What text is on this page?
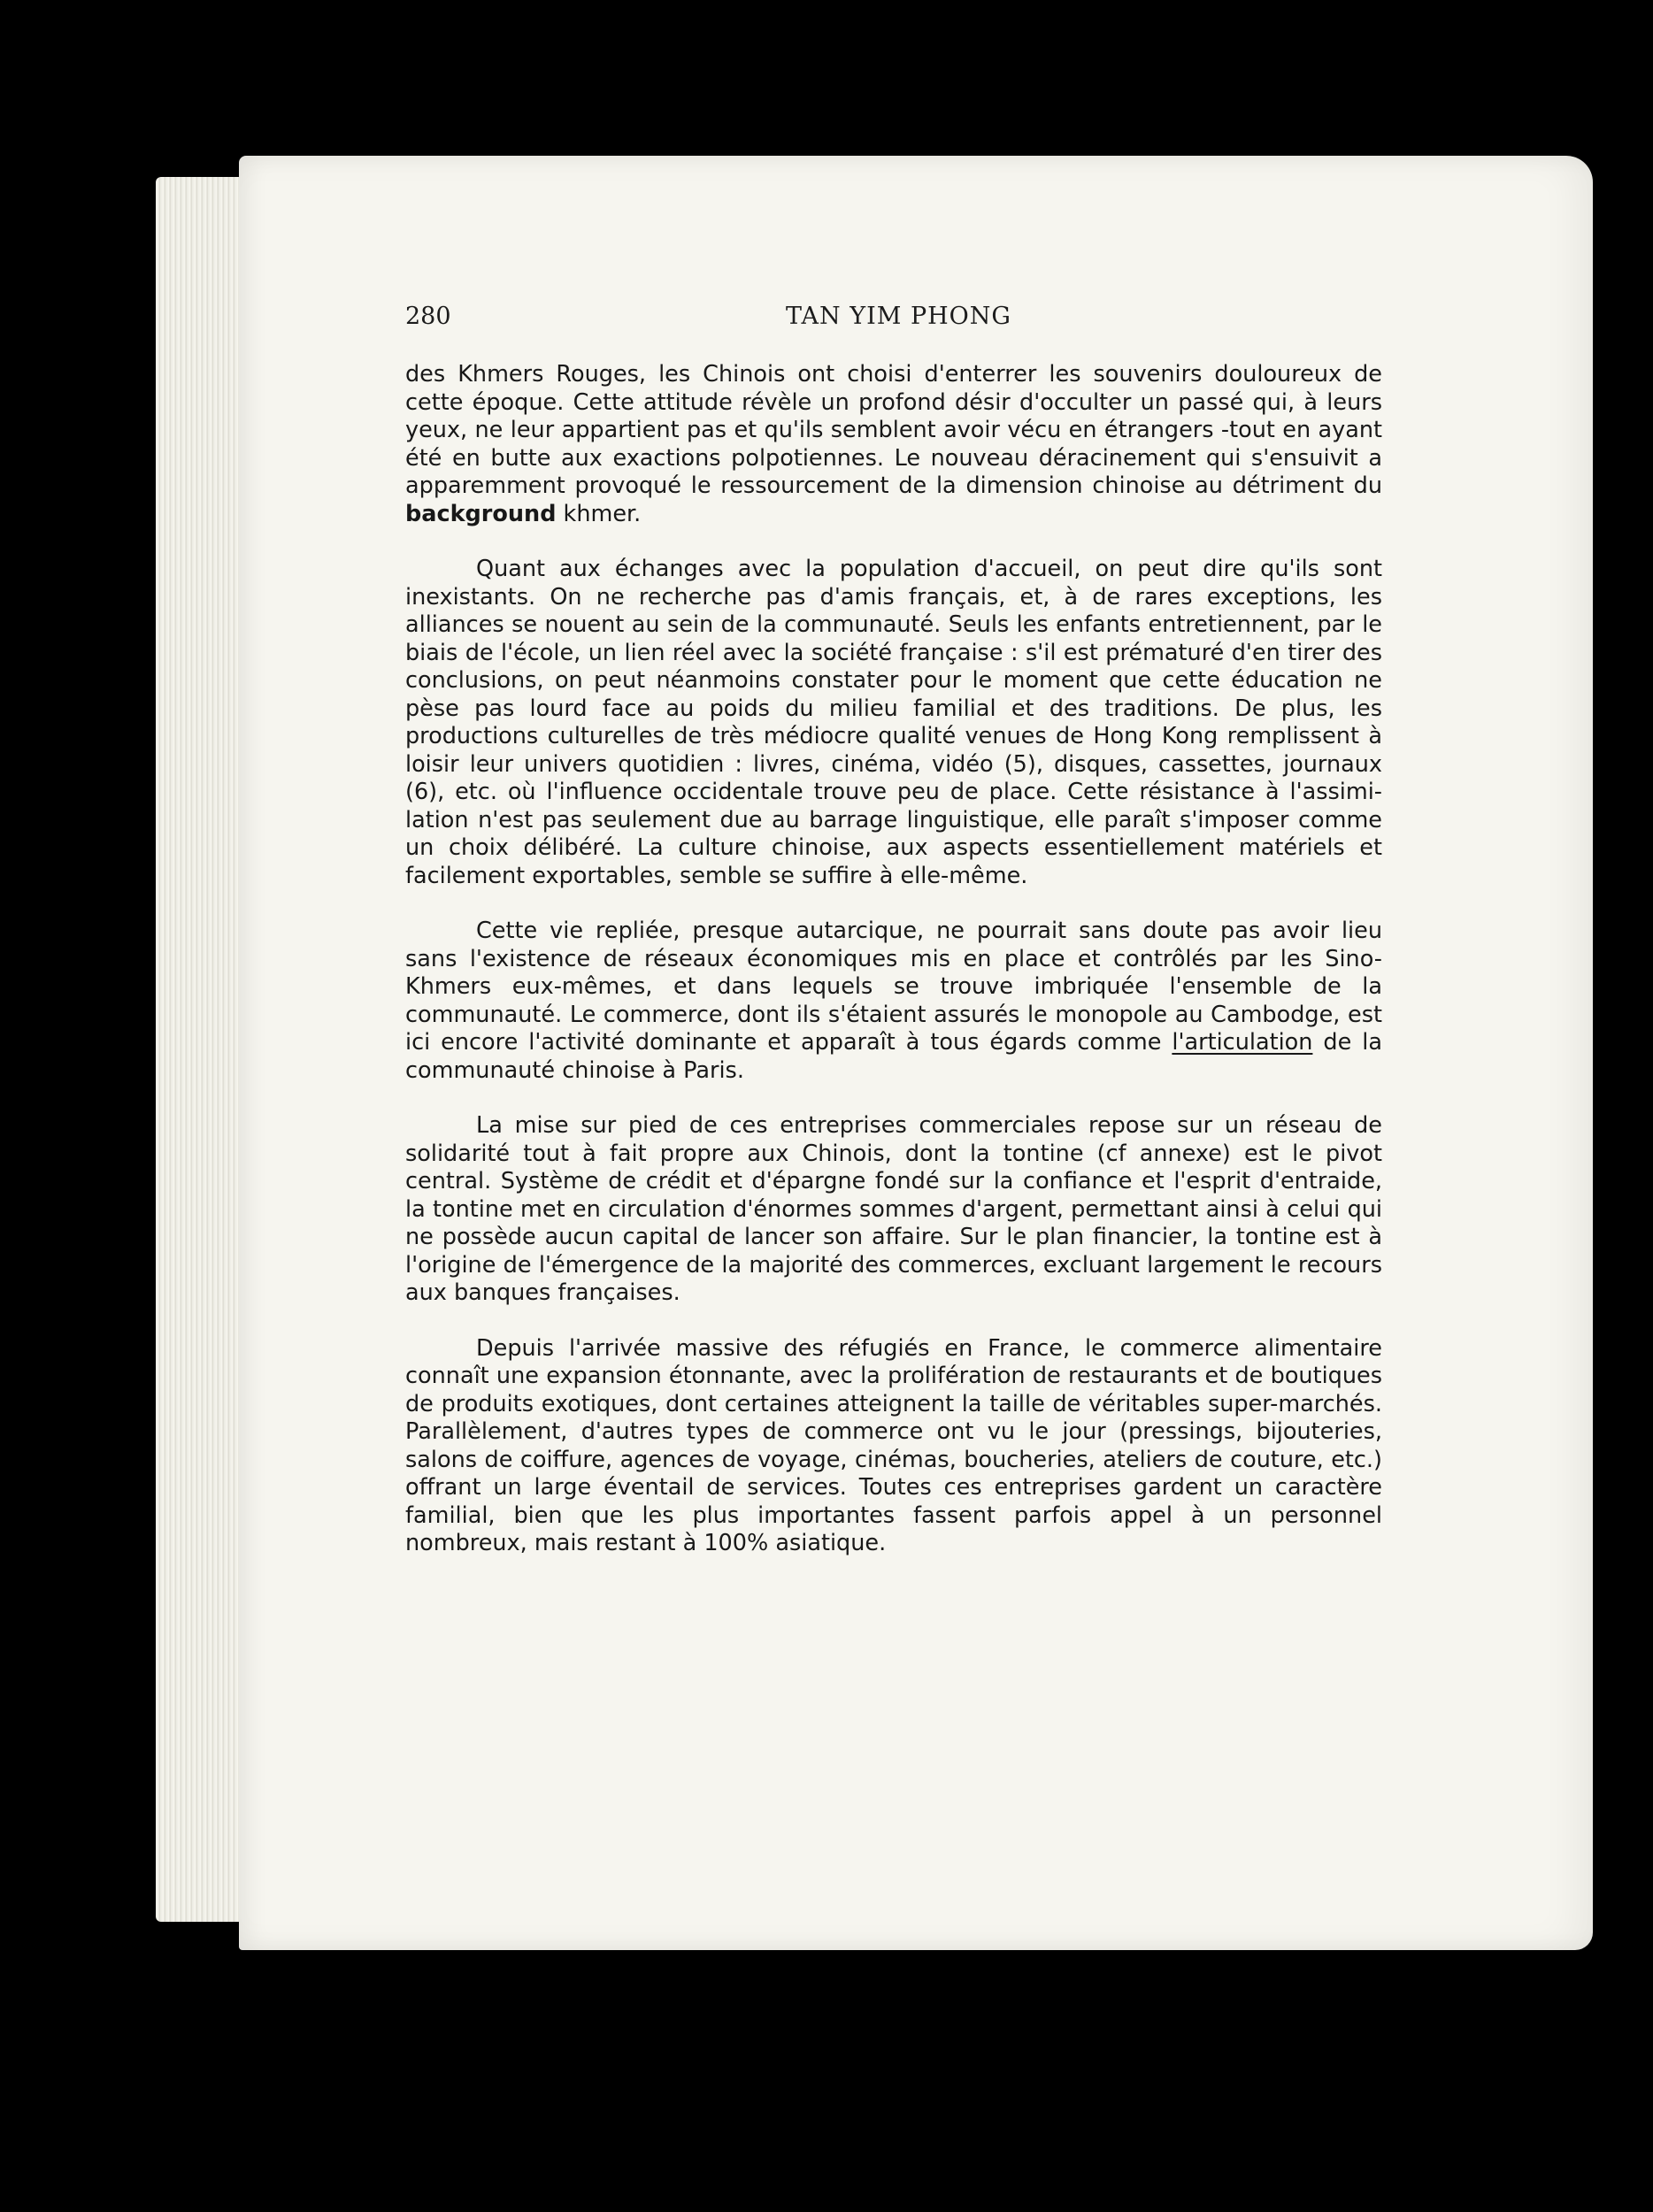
280	TAN YIM PHONG

des Khmers Rouges, les Chinois ont choisi d'enterrer les souvenirs douloureux de cette époque. Cette attitude révèle un profond désir d'occulter un passé qui, à leurs yeux, ne leur appartient pas et qu'ils semblent avoir vécu en étrangers -tout en ayant été en butte aux exactions polpotiennes. Le nouveau déracinement qui s'ensuivit a apparemment provoqué le ressourcement de la dimension chinoise au détriment du background khmer.

Quant aux échanges avec la population d'accueil, on peut dire qu'ils sont inexistants. On ne recherche pas d'amis français, et, à de rares exceptions, les alliances se nouent au sein de la communauté. Seuls les enfants entretiennent, par le biais de l'école, un lien réel avec la société française : s'il est prématuré d'en tirer des conclusions, on peut néanmoins constater pour le moment que cette éducation ne pèse pas lourd face au poids du milieu familial et des traditions. De plus, les productions culturelles de très médiocre qualité venues de Hong Kong remplissent à loisir leur univers quotidien : livres, cinéma, vidéo (5), disques, cassettes, journaux (6), etc. où l'influence occidentale trouve peu de place. Cette résistance à l'assimilation n'est pas seulement due au barrage linguistique, elle paraît s'imposer comme un choix délibéré. La culture chinoise, aux aspects essentiellement matériels et facilement exportables, semble se suffire à elle-même.

Cette vie repliée, presque autarcique, ne pourrait sans doute pas avoir lieu sans l'existence de réseaux économiques mis en place et contrôlés par les Sino-Khmers eux-mêmes, et dans lequels se trouve imbriquée l'ensemble de la communauté. Le commerce, dont ils s'étaient assurés le monopole au Cambodge, est ici encore l'activité dominante et apparaît à tous égards comme l'articulation de la communauté chinoise à Paris.

La mise sur pied de ces entreprises commerciales repose sur un réseau de solidarité tout à fait propre aux Chinois, dont la tontine (cf annexe) est le pivot central. Système de crédit et d'épargne fondé sur la confiance et l'esprit d'entraide, la tontine met en circulation d'énormes sommes d'argent, permettant ainsi à celui qui ne possède aucun capital de lancer son affaire. Sur le plan financier, la tontine est à l'origine de l'émergence de la majorité des commerces, excluant largement le recours aux banques françaises.

Depuis l'arrivée massive des réfugiés en France, le commerce alimentaire connaît une expansion étonnante, avec la prolifération de restaurants et de boutiques de produits exotiques, dont certaines atteignent la taille de véritables super-marchés. Parallèlement, d'autres types de commerce ont vu le jour (pressings, bijouteries, salons de coiffure, agences de voyage, cinémas, boucheries, ateliers de couture, etc.) offrant un large éventail de services. Toutes ces entreprises gardent un caractère familial, bien que les plus importantes fassent parfois appel à un personnel nombreux, mais restant à 100% asiatique.
